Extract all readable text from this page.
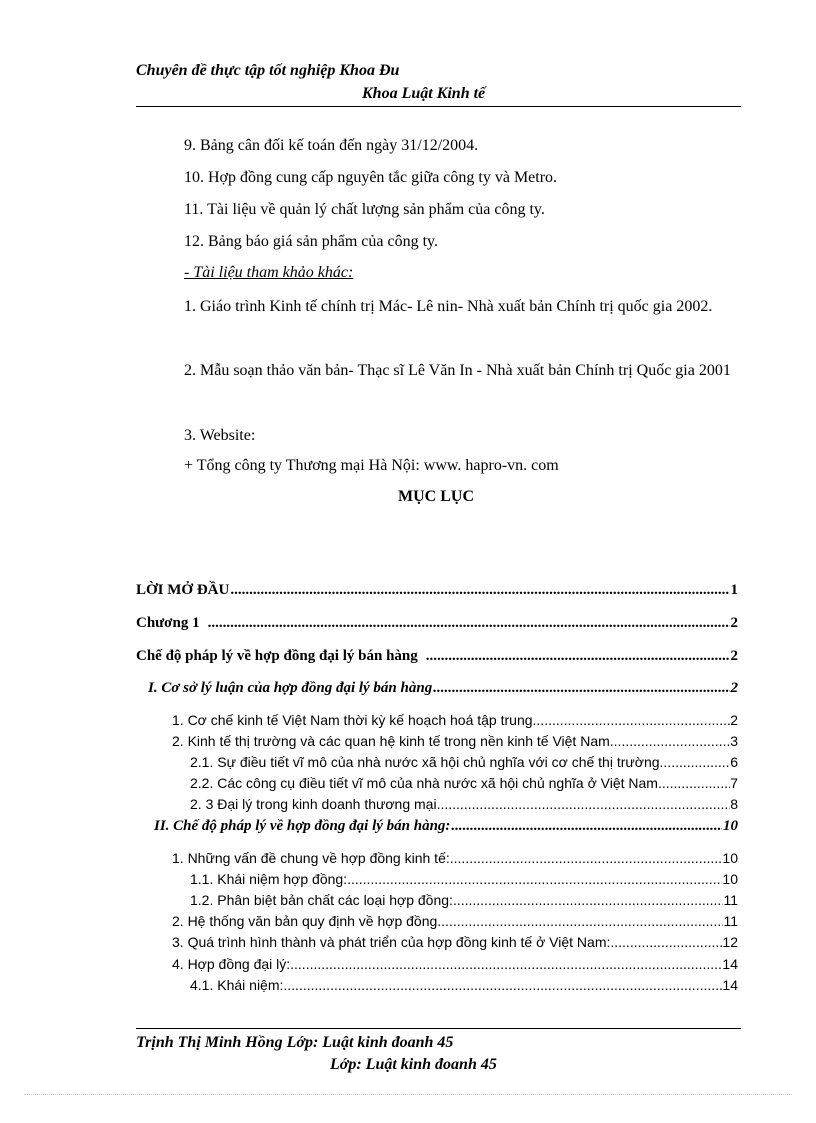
Chuyên đề thực tập tốt nghiệp Khoa Đu
Khoa Luật Kinh tế
9. Bảng cân đối kế toán đến ngày 31/12/2004.
10. Hợp đồng cung cấp nguyên tắc giữa công ty và Metro.
11. Tài liệu về quản lý chất lượng sản phẩm của công ty.
12. Bảng báo giá sản phẩm của công ty.
- Tài liệu tham khảo khác:
1. Giáo trình Kinh tế chính trị Mác- Lê nin- Nhà xuất bản Chính trị quốc gia 2002.
2. Mẫu soạn thảo văn bản- Thạc sĩ Lê Văn In - Nhà xuất bản Chính trị Quốc gia 2001
3. Website:
+ Tổng công ty Thương mại Hà Nội: www. hapro-vn. com
MỤC LỤC
LỜI MỞ ĐẦU .....	1
Chương 1 .....	2
Chế độ pháp lý về hợp đồng đại lý bán hàng .....	2
I. Cơ sở lý luận của hợp đồng đại lý bán hàng .....	2
1. Cơ chế kinh tế Việt Nam thời kỳ kế hoạch hoá tập trung .....	2
2. Kinh tế thị trường và các quan hệ kinh tế trong nền kinh tế Việt Nam .....	3
2.1. Sự điều tiết vĩ mô của nhà nước xã hội chủ nghĩa với cơ chế thị trường .....	6
2.2. Các công cụ điều tiết vĩ mô của nhà nước xã hội chủ nghĩa ở Việt Nam .....	7
2. 3 Đại lý trong kinh doanh thương mại .....	8
II. Chế độ pháp lý về hợp đồng đại lý bán hàng: .....	10
1. Những vấn đề chung về hợp đồng kinh tế: .....	10
1.1. Khái niệm hợp đồng: .....	10
1.2. Phân biệt bản chất các loại hợp đồng: .....	11
2. Hệ thống văn bản quy định về hợp đồng. .....	11
3. Quá trình hình thành và phát triển của hợp đồng kinh tế ở Việt Nam: .....	12
4. Hợp đồng đại lý: .....	14
4.1. Khái niệm: .....	14
Trịnh Thị Minh Hồng Lớp: Luật kinh đoanh 45
Lớp: Luật kinh đoanh 45
